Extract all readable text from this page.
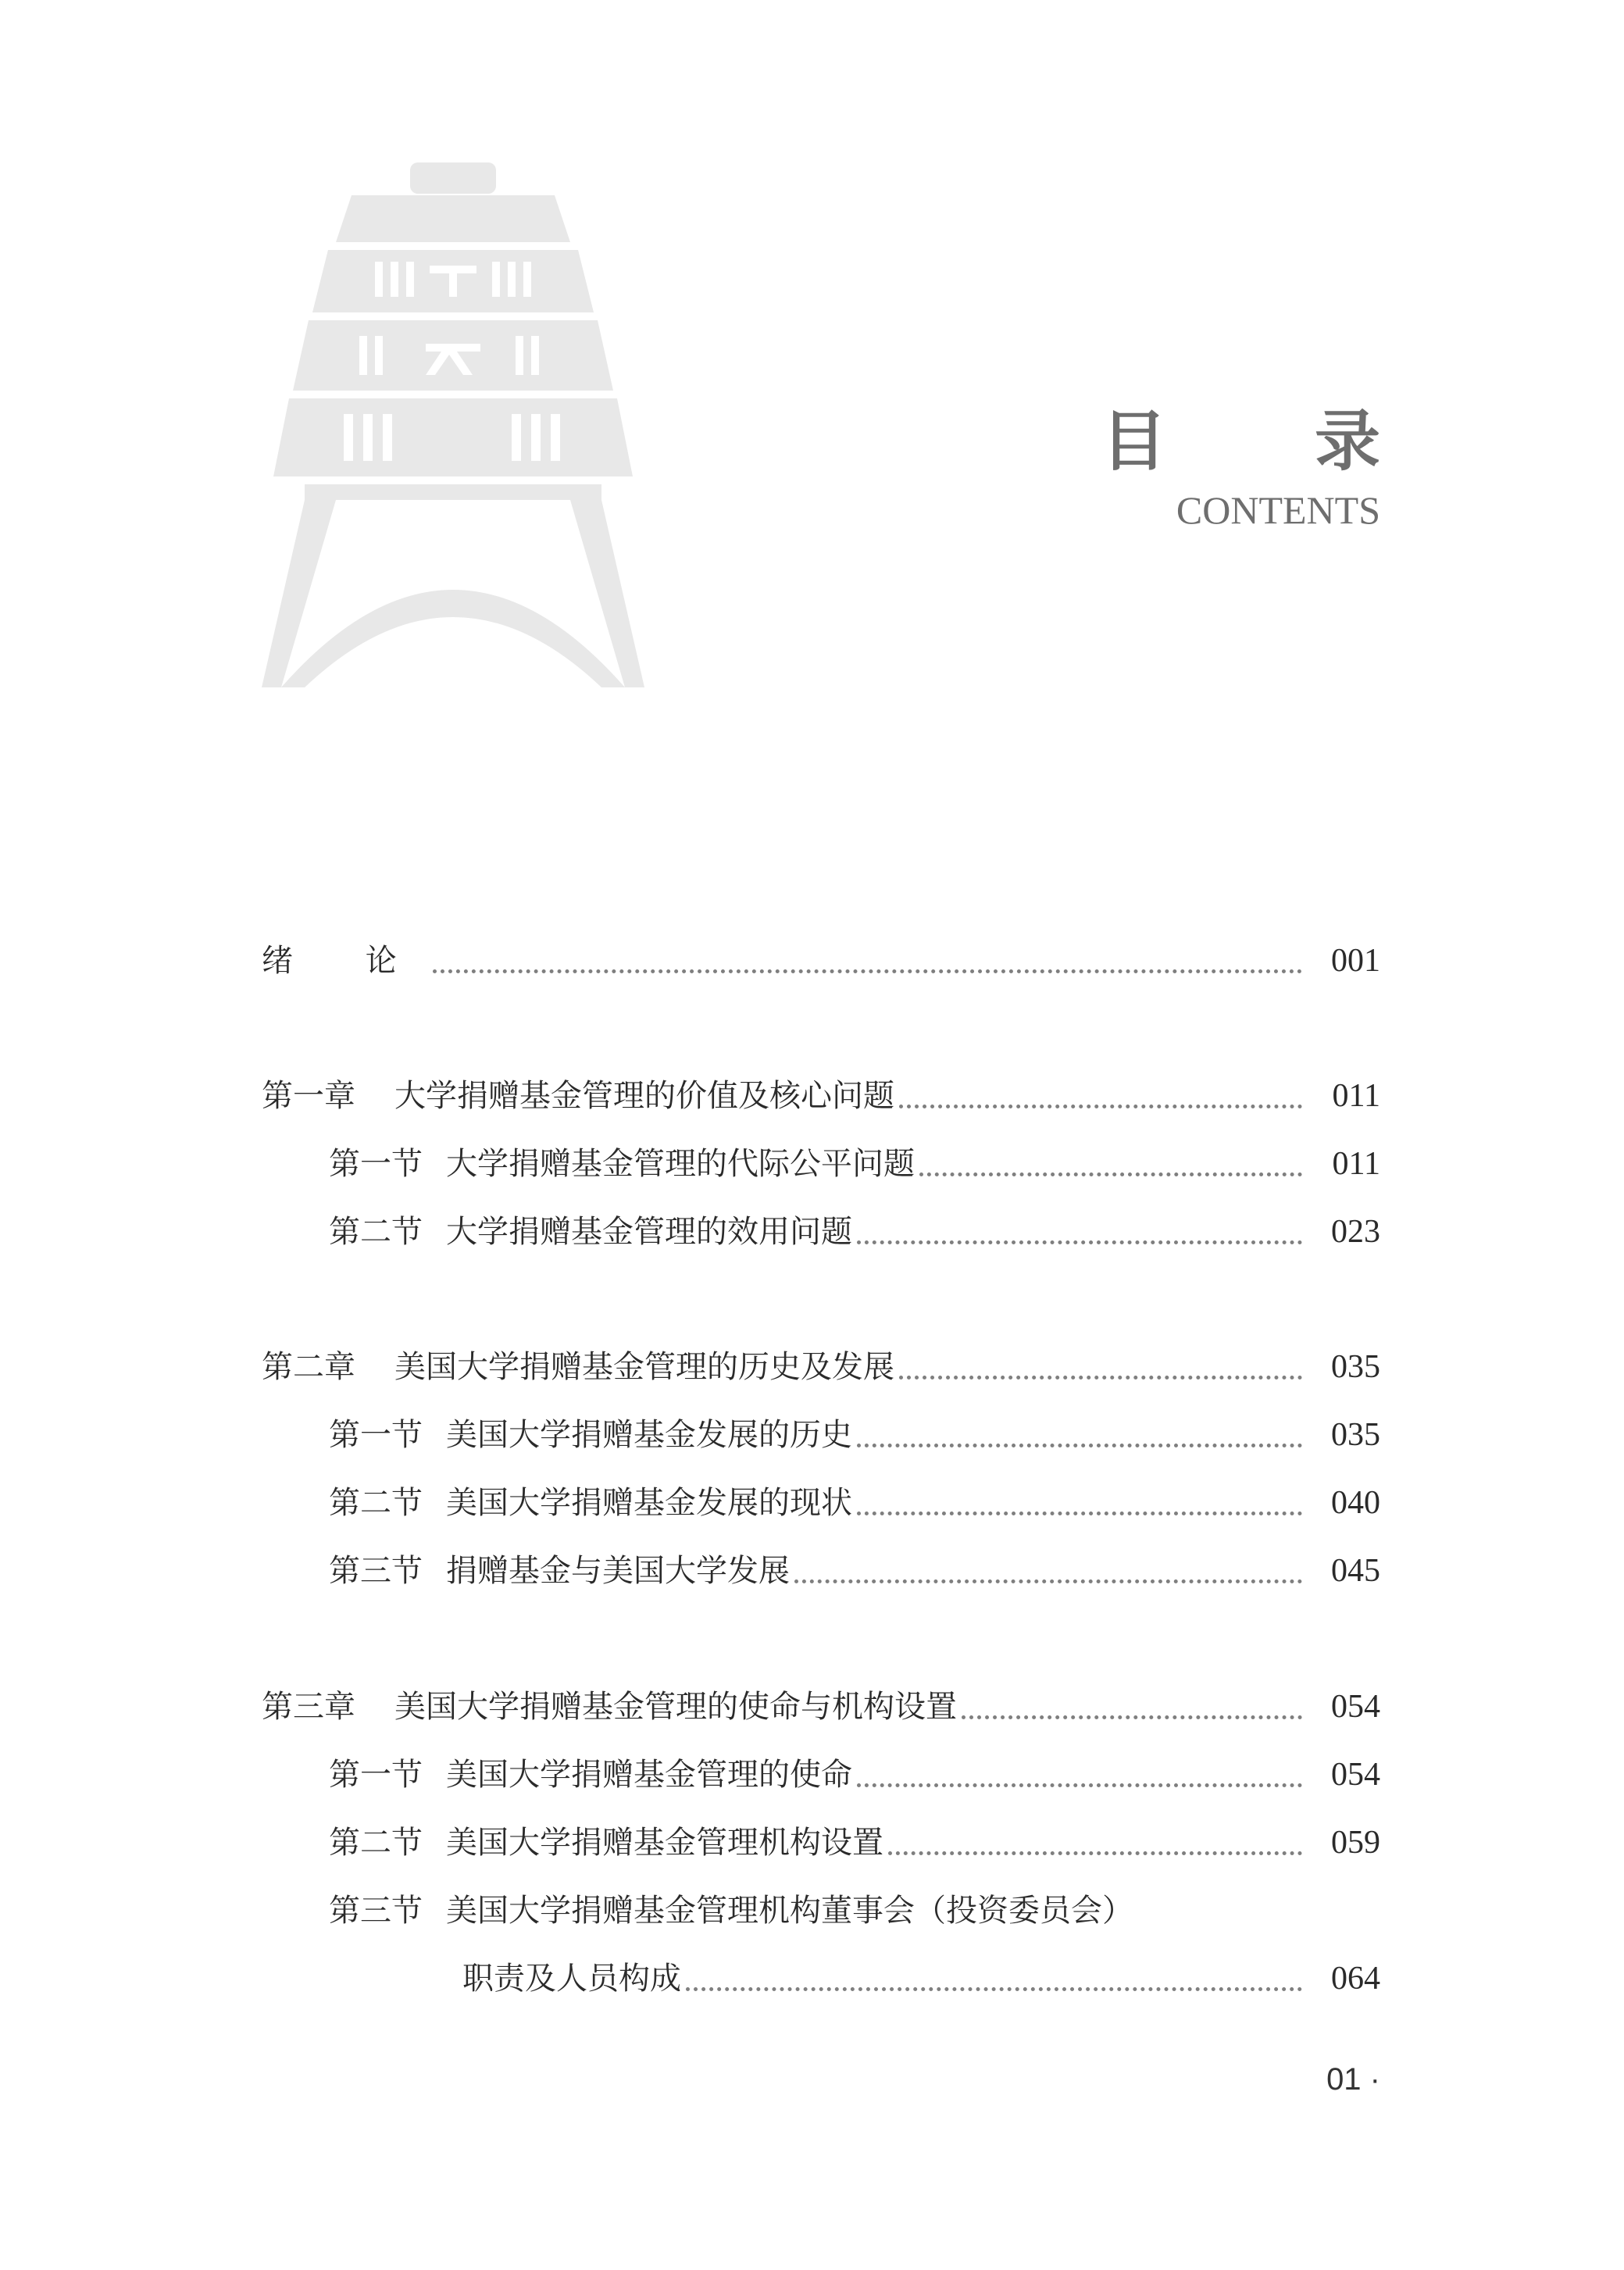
目 录
CONTENTS
绪 论	001
第一章	大学捐赠基金管理的价值及核心问题	011
第一节 大学捐赠基金管理的代际公平问题	011
第二节 大学捐赠基金管理的效用问题	023
第二章	美国大学捐赠基金管理的历史及发展	035
第一节 美国大学捐赠基金发展的历史	035
第二节 美国大学捐赠基金发展的现状	040
第三节 捐赠基金与美国大学发展	045
第三章	美国大学捐赠基金管理的使命与机构设置	054
第一节 美国大学捐赠基金管理的使命	054
第二节 美国大学捐赠基金管理机构设置	059
第三节 美国大学捐赠基金管理机构董事会（投资委员会）
职责及人员构成	064
01 ·
